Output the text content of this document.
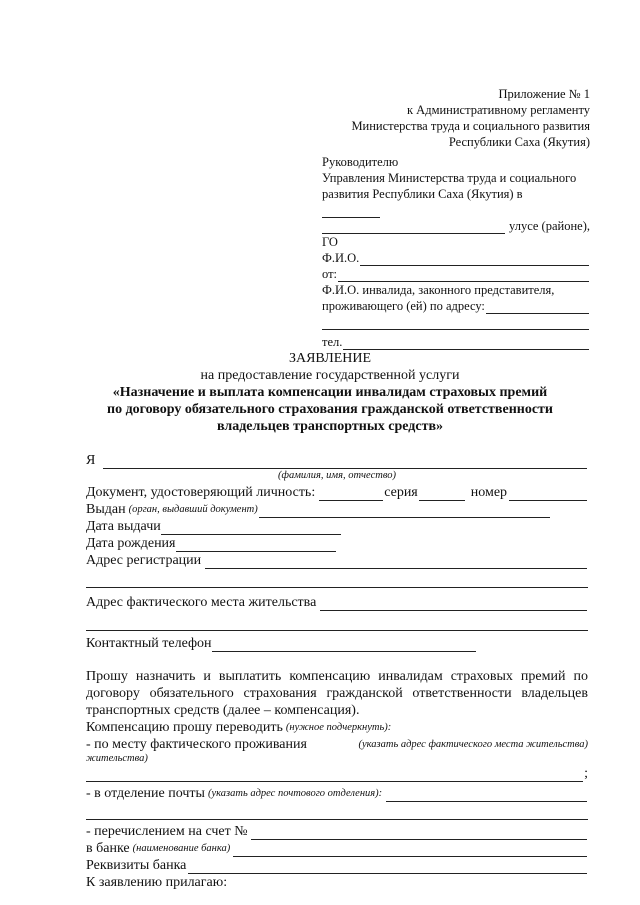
Приложение № 1
к Административному регламенту
Министерства труда и социального развития
Республики Саха (Якутия)
Руководителю
Управления Министерства труда и социального
развития Республики Саха (Якутия) в
улусе (районе),
ГО
Ф.И.О.
от:
Ф.И.О. инвалида, законного представителя,
проживающего (ей) по адресу:
тел.
ЗАЯВЛЕНИЕ
на предоставление государственной услуги
«Назначение и выплата компенсации инвалидам страховых премий
по договору обязательного страхования гражданской ответственности
владельцев транспортных средств»
Я
(фамилия, имя, отчество)
Документ, удостоверяющий личность:	серия	номер
Выдан (орган, выдавший документ)
Дата выдачи
Дата рождения
Адрес регистрации
Адрес фактического места жительства
Контактный телефон
Прошу назначить и выплатить компенсацию инвалидам страховых премий по договору обязательного страхования гражданской ответственности владельцев транспортных средств (далее – компенсация).
Компенсацию прошу переводить (нужное подчеркнуть):
- по месту фактического проживания	(указать адрес фактического места жительства)
жительства)
;
- в отделение почты (указать адрес почтового отделения):
- перечислением на счет №
в банке (наименование банка)
Реквизиты банка
К заявлению прилагаю:
